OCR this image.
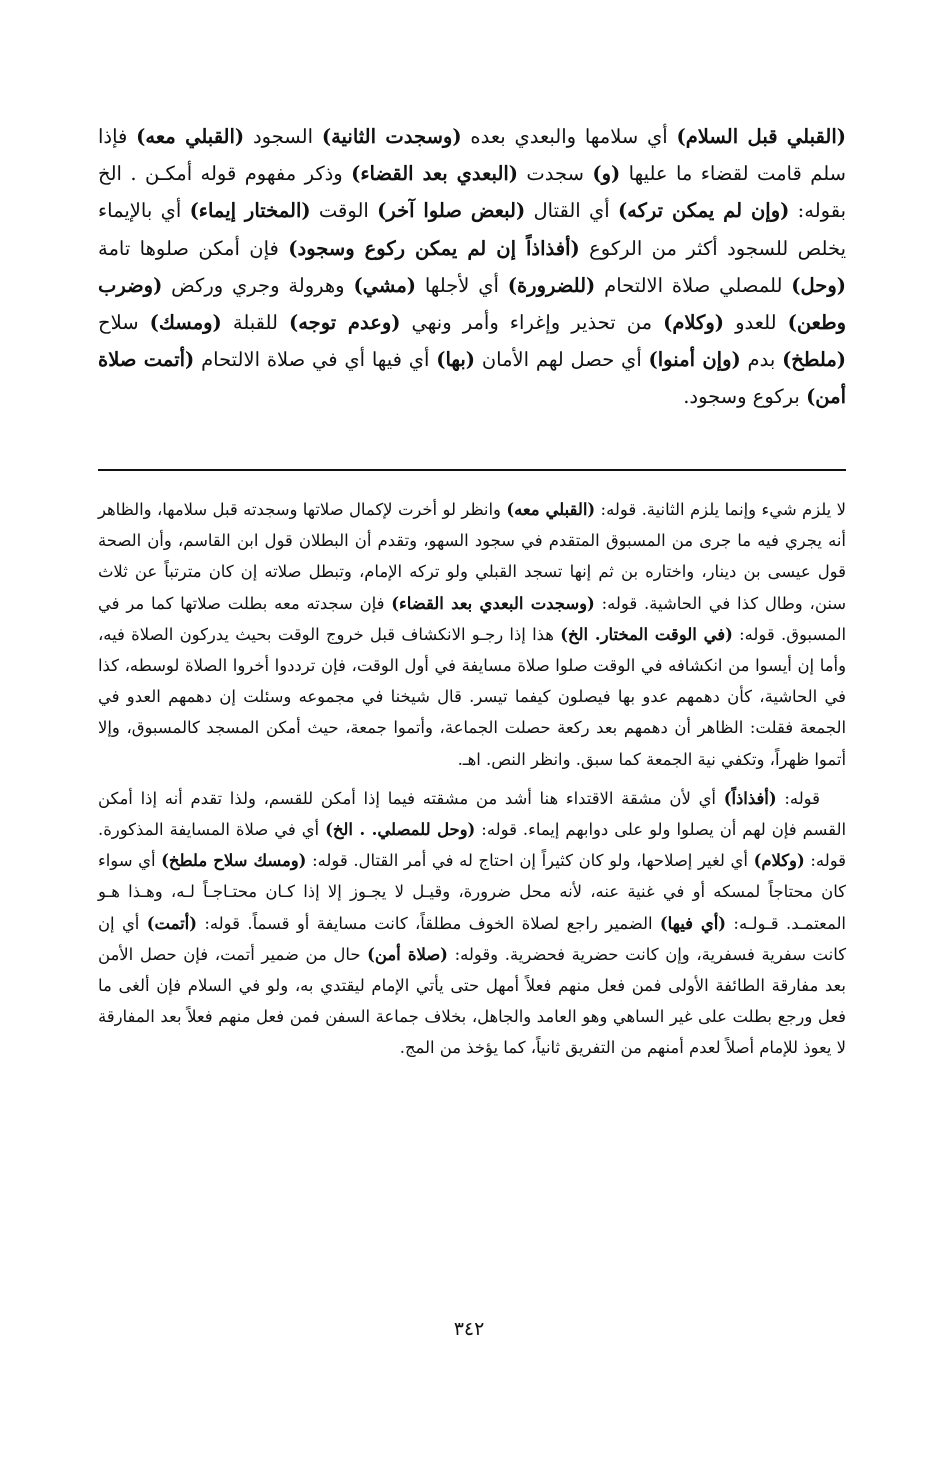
(القبلي قبل السلام) أي سلامها والبعدي بعده (وسجدت الثانية) السجود (القبلي معه) فإذا سلم قامت لقضاء ما عليها (و) سجدت (البعدي بعد القضاء) وذكر مفهوم قوله أمكـن . الخ بقوله: (وإن لم يمكن تركه) أي القتال (لبعض صلوا آخر) الوقت (المختار إيماء) أي بالإيماء يخلص للسجود أكثر من الركوع (أفذاذاً إن لم يمكن ركوع وسجود) فإن أمكن صلوها تامة (وحل) للمصلي صلاة الالتحام (للضرورة) أي لأجلها (مشي) وهرولة وجري وركض (وضرب وطعن) للعدو (وكلام) من تحذير وإغراء وأمر ونهي (وعدم توجه) للقبلة (ومسك) سلاح (ملطخ) بدم (وإن أمنوا) أي حصل لهم الأمان (بها) أي فيها أي في صلاة الالتحام (أتمت صلاة أمن) بركوع وسجود.

لا يلزم شيء وإنما يلزم الثانية. قوله: (القبلي معه) وانظر لو أخرت لإكمال صلاتها وسجدته قبل سلامها، والظاهر أنه يجري فيه ما جرى من المسبوق المتقدم في سجود السهو، وتقدم أن البطلان قول ابن القاسم، وأن الصحة قول عيسى بن دينار، واختاره بن ثم إنها تسجد القبلي ولو تركه الإمام، وتبطل صلاته إن كان مترتباً عن ثلاث سنن، وطال كذا في الحاشية. قوله: (وسجدت البعدي بعد القضاء) فإن سجدته معه بطلت صلاتها كما مر في المسبوق. قوله: (في الوقت المختار. الخ) هذا إذا رجـو الانكشاف قبل خروج الوقت بحيث يدركون الصلاة فيه، وأما إن أيسوا من انكشافه في الوقت صلوا صلاة مسايفة في أول الوقت، فإن ترددوا أخروا الصلاة لوسطه، كذا في الحاشية، كأن دهمهم عدو بها فيصلون كيفما تيسر. قال شيخنا في مجموعه وسئلت إن دهمهم العدو في الجمعة فقلت: الظاهر أن دهمهم بعد ركعة حصلت الجماعة، وأتموا جمعة، حيث أمكن المسجد كالمسبوق، وإلا أتموا ظهراً، وتكفي نية الجمعة كما سبق. وانظر النص. اهـ.

قوله: (أفذاذاً) أي لأن مشقة الاقتداء هنا أشد من مشقته فيما إذا أمكن للقسم، ولذا تقدم أنه إذا أمكن القسم فإن لهم أن يصلوا ولو على دوابهم إيماء. قوله: (وحل للمصلي. . الخ) أي في صلاة المسايفة المذكورة. قوله: (وكلام) أي لغير إصلاحها، ولو كان كثيراً إن احتاج له في أمر القتال. قوله: (ومسك سلاح ملطخ) أي سواء كان محتاجاً لمسكه أو في غنية عنه، لأنه محل ضرورة، وقيـل لا يجـوز إلا إذا كـان محتـاجـاً لـه، وهـذا هـو المعتمـد. قـولـه: (أي فيها) الضمير راجع لصلاة الخوف مطلقاً، كانت مسايفة أو قسماً. قوله: (أتمت) أي إن كانت سفرية فسفرية، وإن كانت حضرية فحضرية. وقوله: (صلاة أمن) حال من ضمير أتمت، فإن حصل الأمن بعد مفارقة الطائفة الأولى فمن فعل منهم فعلاً أمهل حتى يأتي الإمام ليقتدي به، ولو في السلام فإن ألغى ما فعل ورجع بطلت على غير الساهي وهو العامد والجاهل، بخلاف جماعة السفن فمن فعل منهم فعلاً بعد المفارقة لا يعوذ للإمام أصلاً لعدم أمنهم من التفريق ثانياً، كما يؤخذ من المج.

٣٤٢
